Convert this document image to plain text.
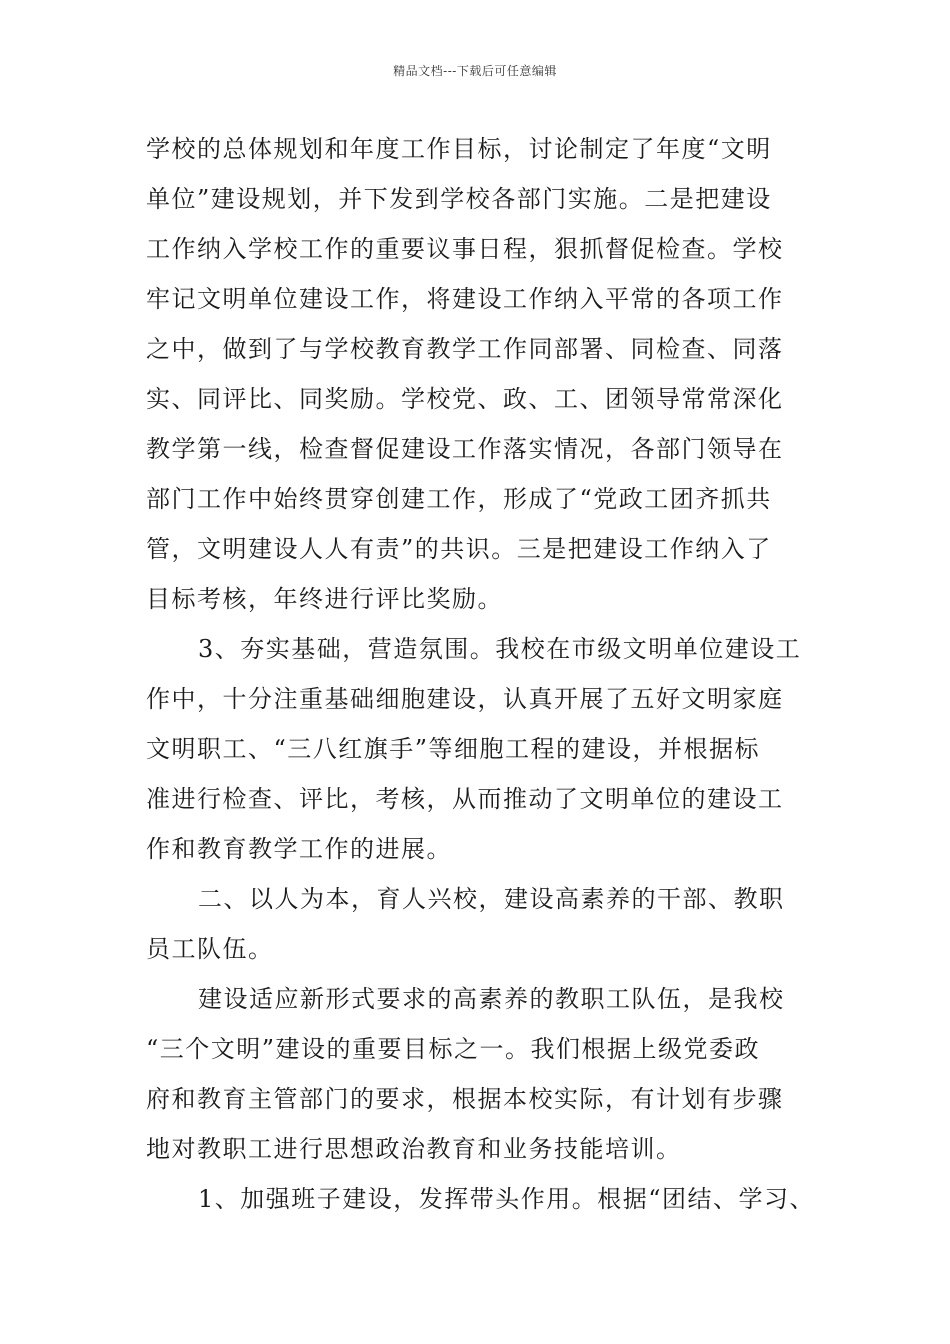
精品文档---下载后可任意编辑
学校的总体规划和年度工作目标，讨论制定了年度“文明
单位”建设规划，并下发到学校各部门实施。二是把建设
工作纳入学校工作的重要议事日程，狠抓督促检查。学校
牢记文明单位建设工作，将建设工作纳入平常的各项工作
之中，做到了与学校教育教学工作同部署、同检查、同落
实、同评比、同奖励。学校党、政、工、团领导常常深化
教学第一线，检查督促建设工作落实情况，各部门领导在
部门工作中始终贯穿创建工作，形成了“党政工团齐抓共
管，文明建设人人有责”的共识。三是把建设工作纳入了
目标考核，年终进行评比奖励。
3、夯实基础，营造氛围。我校在市级文明单位建设工
作中，十分注重基础细胞建设，认真开展了五好文明家庭
文明职工、“三八红旗手”等细胞工程的建设，并根据标
准进行检查、评比，考核，从而推动了文明单位的建设工
作和教育教学工作的进展。
二、以人为本，育人兴校，建设高素养的干部、教职
员工队伍。
建设适应新形式要求的高素养的教职工队伍，是我校
“三个文明”建设的重要目标之一。我们根据上级党委政
府和教育主管部门的要求，根据本校实际，有计划有步骤
地对教职工进行思想政治教育和业务技能培训。
1、加强班子建设，发挥带头作用。根据“团结、学习、
